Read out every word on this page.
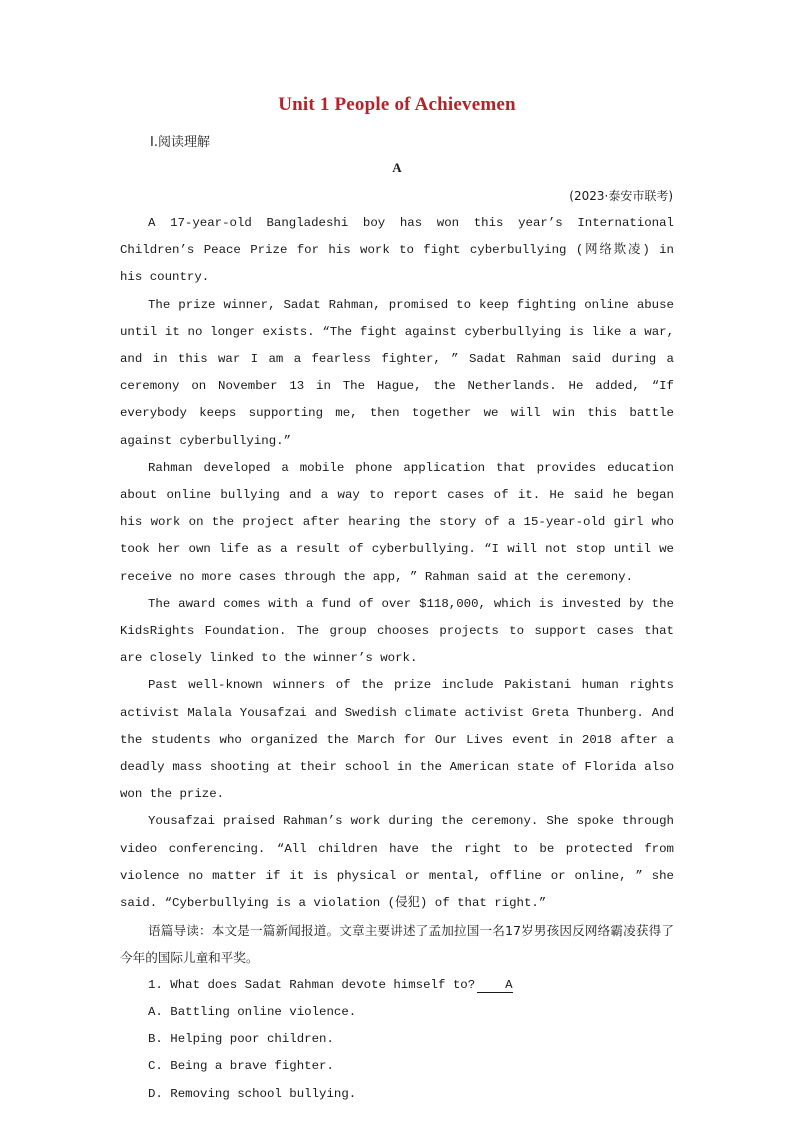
Unit 1 People of Achievemen
Ⅰ.阅读理解
A
(2023·泰安市联考)

A 17-year-old Bangladeshi boy has won this year’s International Children’s Peace Prize for his work to fight cyberbullying (网络欺凌) in his country.

The prize winner, Sadat Rahman, promised to keep fighting online abuse until it no longer exists. “The fight against cyberbullying is like a war, and in this war I am a fearless fighter, ” Sadat Rahman said during a ceremony on November 13 in The Hague, the Netherlands. He added, “If everybody keeps supporting me, then together we will win this battle against cyberbullying.”

Rahman developed a mobile phone application that provides education about online bullying and a way to report cases of it. He said he began his work on the project after hearing the story of a 15-year-old girl who took her own life as a result of cyberbullying. “I will not stop until we receive no more cases through the app, ” Rahman said at the ceremony.

The award comes with a fund of over $118,000, which is invested by the KidsRights Foundation. The group chooses projects to support cases that are closely linked to the winner’s work.

Past well-known winners of the prize include Pakistani human rights activist Malala Yousafzai and Swedish climate activist Greta Thunberg. And the students who organized the March for Our Lives event in 2018 after a deadly mass shooting at their school in the American state of Florida also won the prize.

Yousafzai praised Rahman’s work during the ceremony. She spoke through video conferencing. “All children have the right to be protected from violence no matter if it is physical or mental, offline or online, ” she said. “Cyberbullying is a violation (侵犯) of that right.”

语篇导读：本文是一篇新闻报道。文章主要讲述了孟加拉国一名17岁男孩因反网络霸凌获得了今年的国际儿童和平奖。

1. What does Sadat Rahman devote himself to? A

A. Battling online violence.

B. Helping poor children.

C. Being a brave fighter.

D. Removing school bullying.
